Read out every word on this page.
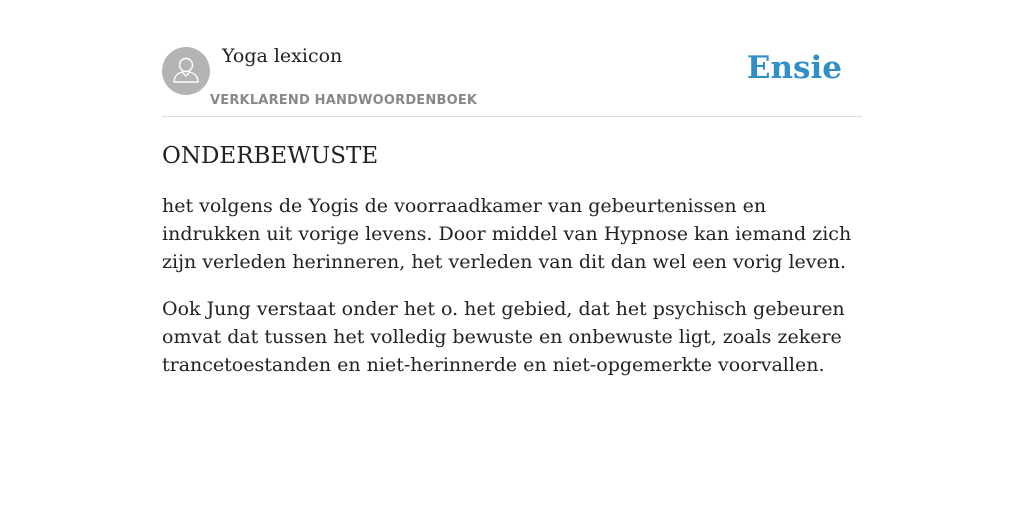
Yoga lexicon
VERKLAREND HANDWOORDENBOEK
Ensie
ONDERBEWUSTE

het volgens de Yogis de voorraadkamer van gebeurtenissen en indrukken uit vorige levens. Door middel van Hypnose kan iemand zich zijn verleden herinneren, het verleden van dit dan wel een vorig leven.

Ook Jung verstaat onder het o. het gebied, dat het psychisch gebeuren omvat dat tussen het volledig bewuste en onbewuste ligt, zoals zekere trancetoestanden en niet-herinnerde en niet-opgemerkte voorvallen.
